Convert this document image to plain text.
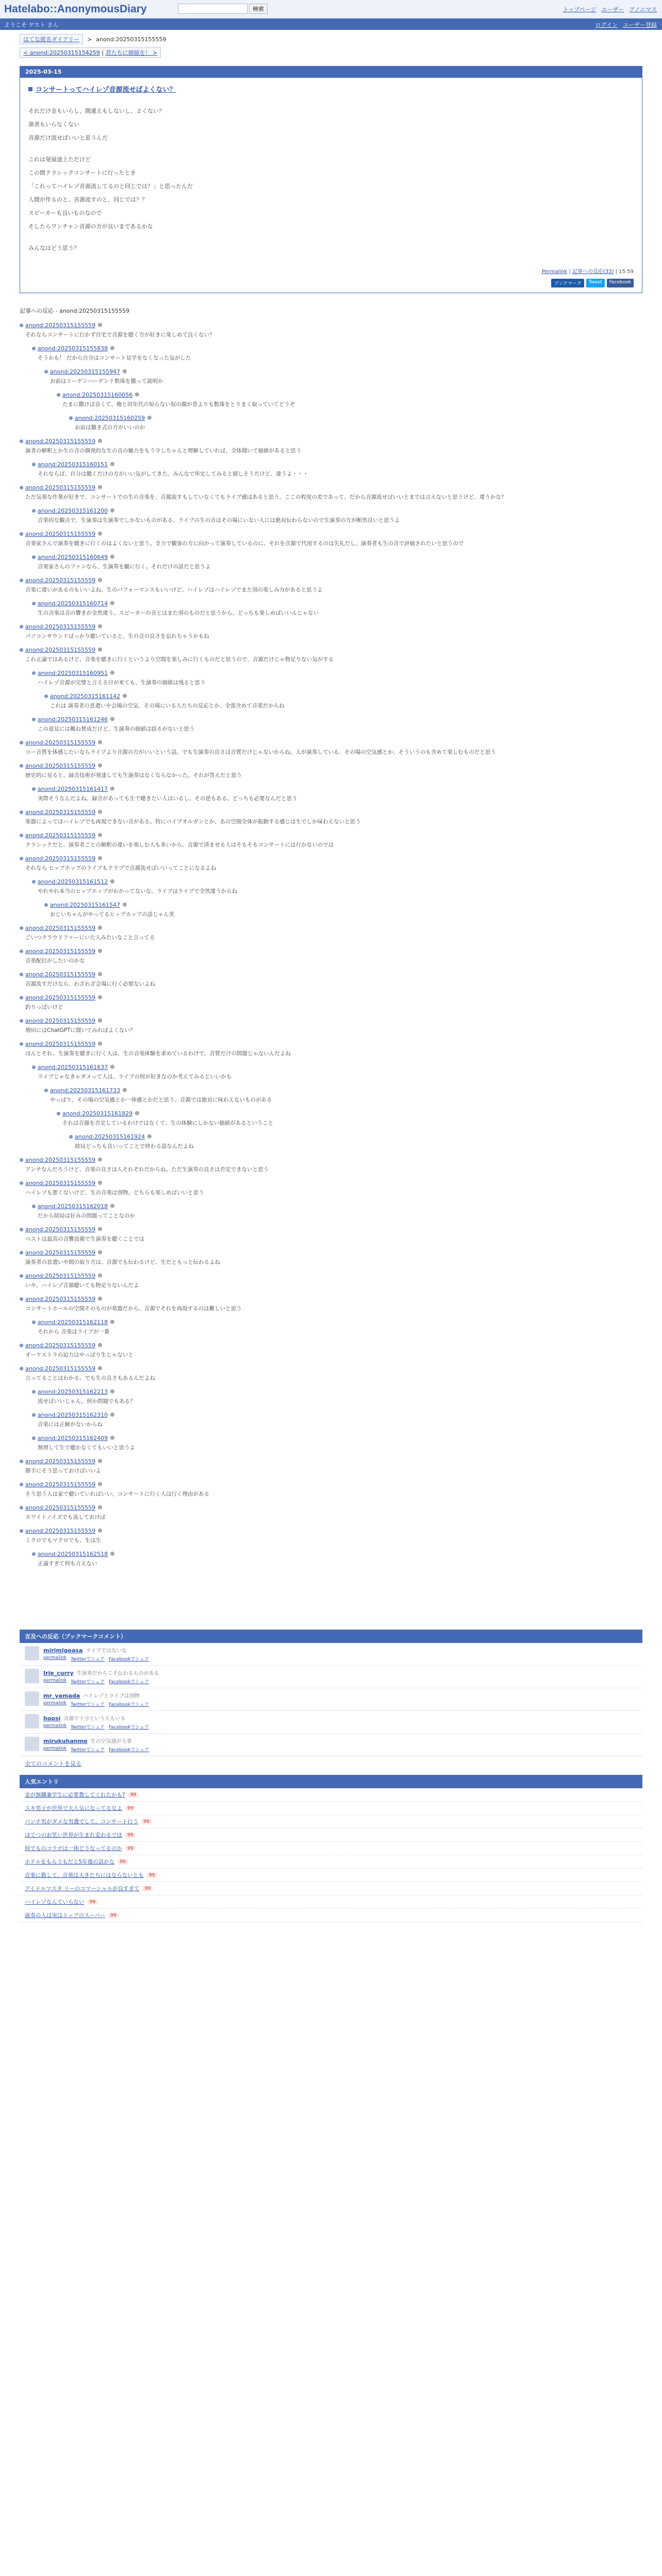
Hatelabo::AnonymousDiary	検索	トップページ ユーザー アノニマス
ようこそ ゲスト さん	ログイン ユーザー登録
はてな匿名ダイアリー	> anond:20250315155559
< anond:20250315154259 | 君たちに価値を！ >
2025-03-15
コンサートってハイレゾ音源流せばよくない？

それだけ金もいらし、間違えもしないし、よくない？

演者もいらなくない

音源だけ流せばいいと思うんだ

これは発展途上ただけど

この間クラシックコンサートに行ったとき

「これってハイレゾ音源流してるのと同じでは？」と思ったんだ

人間が作るのと、音源流すのと、同じでは？？

スピーカーも良いものなので

そしたらワンチャン音源の方が良いまであるかな

みんなはどう思う？

Permalink | 記事への反応(33) | 15:59
ブックマーク	Tweet	Facebook
記事への反応 - anond:20250315155559
anond:20250315155559 ☻
それならコンサートに行かず自宅で音源を聴く方が好きに楽しめて良くない？
anond:20250315155838 ☻
そうかも！ だから自分はコンサート見学をなくなった気がした
anond:20250315155947 ☻
お前はリーゲンハーゲンド数珠を撒って説明か
anond:20250315160056 ☻
たまに撒けば良くて、俺と同年代の知らない奴の顔が昔よりも数珠をとりまく取っていてどうぞ
anond:20250315160259 ☻
お前は撒き式の方がいいのか
anond:20250315155559 ☻
演者の解釈とか生の音の偶発的な生の音の魅力をもう少しちゃんと理解していれば、全体聞いて価値があると思う
anond:20250315160151 ☻
それならば、自分は撒くだけの方がいい気がしてきた。みんなで所定してみると嬉しそうだけど、違うよ・・・
anond:20250315155559 ☻
ただ気楽な作業が好きで、コンサートでの生の音楽を、音源流すもしていなくてもライブ感はあると思う。ここの程度の差であって、だから音源流せばいいとまでは言えないと思うけど、違うかな？
anond:20250315161200 ☻
音楽的な観点で、生演奏は生演奏でしかないものがある。ライブの生の音はその場にいない人には絶対伝わらないので生演奏の方が断然良いと思うよ
anond:20250315155559 ☻
音楽家さんで演奏を聴きに行くのはよくないと思う。全力で観客の方に向かって演奏しているのに、それを音源で代用するのは失礼だし、演奏者も生の音で評価されたいと思うので
anond:20250315160649 ☻
音楽家さんのファンなら、生演奏を観に行く。それだけの話だと思うよ
anond:20250315155559 ☻
音楽に違いがあるのもいいよね。生のパフォーマンスもいいけど、ハイレゾはハイレゾでまた別の楽しみ方があると思うよ
anond:20250315160714 ☻
生の音楽は音の響きが全然違う。スピーカーの音とはまた別のものだと思うから、どっちも楽しめばいいんじゃない
anond:20250315155559 ☻
パソコンサウンドばっかり聴いていると、生の音の良さを忘れちゃうかもね
anond:20250315155559 ☻
これ正論ではあるけど、音楽を聴きに行くというより空間を楽しみに行くものだと思うので、音源だけじゃ物足りない気がする
anond:20250315160951 ☻
ハイレゾ音源が完璧と言える日が来ても、生演奏の価値は残ると思う
anond:20250315161142 ☻
これは 演奏者の息遣いや会場の空気、その場にいる人たちの反応とか、全部含めて音楽だからね
anond:20250315161246 ☻
この意見には概ね賛成だけど、生演奏の価値は揺るがないと思う
anond:20250315155559 ☻
コー音質を体感したいならライブより音源の方がいいという話。でも生演奏の良さは音質だけじゃないからね。人が演奏している、その場の空気感とか、そういうのも含めて楽しむものだと思う
anond:20250315155559 ☻
歴史的に見ると、録音技術が発達しても生演奏はなくならなかった。それが答えだと思う
anond:20250315161417 ☻
実際そうなんだよね。録音があっても生で聴きたい人はいるし、その逆もある。どっちも必要なんだと思う
anond:20250315155559 ☻
楽器によってはハイレゾでも再現できない音がある。特にパイプオルガンとか、あの空間全体が振動する感じは生でしか味わえないと思う
anond:20250315155559 ☻
クラシックだと、演奏者ごとの解釈の違いを楽しむ人も多いから、音源で済ませる人はそもそもコンサートには行かないのでは
anond:20250315155559 ☻
それなら ヒップホップのライブもクラブで音源流せばいいってことになるよね
anond:20250315161512 ☻
やれやれ本当のヒップホップがわかってないな。ライブはライブで全然違うからね
anond:20250315161547 ☻
おじいちゃんがやってるヒップホップの話じゃん笑
anond:20250315155559 ☻
ごいつクラウドファーにいた人みたいなこと言ってる
anond:20250315155559 ☻
音楽配信がしたいのかな
anond:20250315155559 ☻
音源流すだけなら、わざわざ会場に行く必要ないよね
anond:20250315155559 ☻
釣りっぽいけど
anond:20250315155559 ☻
増田にはChatGPTに聞いてみればよくない？
anond:20250315155559 ☻
ほんとそれ。生演奏を聴きに行く人は、生の音楽体験を求めているわけで、音質だけの問題じゃないんだよね
anond:20250315161637 ☻
ライブじゃなきゃダメって人は、ライブの何が好きなのか考えてみるといいかも
anond:20250315161733 ☻
やっぱり、その場の空気感とか一体感とかだと思う。音源では絶対に味わえないものがある
anond:20250315161829 ☻
それは音源を否定しているわけではなくて、生の体験にしかない価値があるということ
anond:20250315161924 ☻
結局どっちも良いってことで終わる話なんだよね
anond:20250315155559 ☻
アンチなんだろうけど、音楽の良さは人それぞれだからね。ただ生演奏の良さは否定できないと思う
anond:20250315155559 ☻
ハイレゾも悪くないけど、生の音楽は別物。どちらも楽しめばいいと思う
anond:20250315162018 ☻
だから結局は好みの問題ってことなのか
anond:20250315155559 ☻
ベストは最高の音響設備で生演奏を聴くことでは
anond:20250315155559 ☻
演奏者の息遣いや間の取り方は、音源でも伝わるけど、生だともっと伝わるよね
anond:20250315155559 ☻
いや、ハイレゾ音源聴いても物足りないんだよ
anond:20250315155559 ☻
コンサートホールの空間そのものが楽器だから、音源でそれを再現するのは難しいと思う
anond:20250315162118 ☻
それから 音楽はライブが一番
anond:20250315155559 ☻
オーケストラの迫力はやっぱり生じゃないと
anond:20250315155559 ☻
言ってることはわかる。でも生の良さもあるんだよね
anond:20250315162213 ☻
流せばいいじゃん。何か問題でもある？
anond:20250315162310 ☻
音楽には正解がないからね
anond:20250315162409 ☻
無理して生で聴かなくてもいいと思うよ
anond:20250315155559 ☻
勝手にそう思っておけばいいよ
anond:20250315155559 ☻
そう思う人は家で聴いていればいい。コンサートに行く人は行く理由がある
anond:20250315155559 ☻
ホワイトノイズでも流しておけば
anond:20250315155559 ☻
ミクロでもマクロでも、生は生
anond:20250315162518 ☻
正論すぎて何も言えない
言及への反応（ブックマークコメント）
mirimlgeasa ライブではないな
permalink Twitterでシェア Facebookでシェア
Irie_curry 生演奏だからこそ伝わるものがある
permalink Twitterでシェア Facebookでシェア
mr_yamada ハイレゾとライブは別物
permalink Twitterでシェア Facebookでシェア
hoosi 音源で十分という人もいる
permalink Twitterでシェア Facebookでシェア
mirukuhanme 生の空気感が大事
permalink Twitterでシェア Facebookでシェア
全てのコメントを見る
人気エントリ
金が無職兼学生に必要教してくれたかも?	99
スキ男子が世界で大人気になってるなよ	99
パンチ男がダメな男選でして、コンサート行う	99
ほてつのお笑い世界が生まれ変わるでほ	99
何でものコラボは一体どうなってるのか	99
ホテルをもらうもだと5年後の話かな	99
音楽に勤して、音楽は大きたちにはならないとも	99
アイドルマスタ リーのコマーシャルが良すぎて	99
ハイレゾなんていらない	99
演奏の人は実はトップのスーパー	99
